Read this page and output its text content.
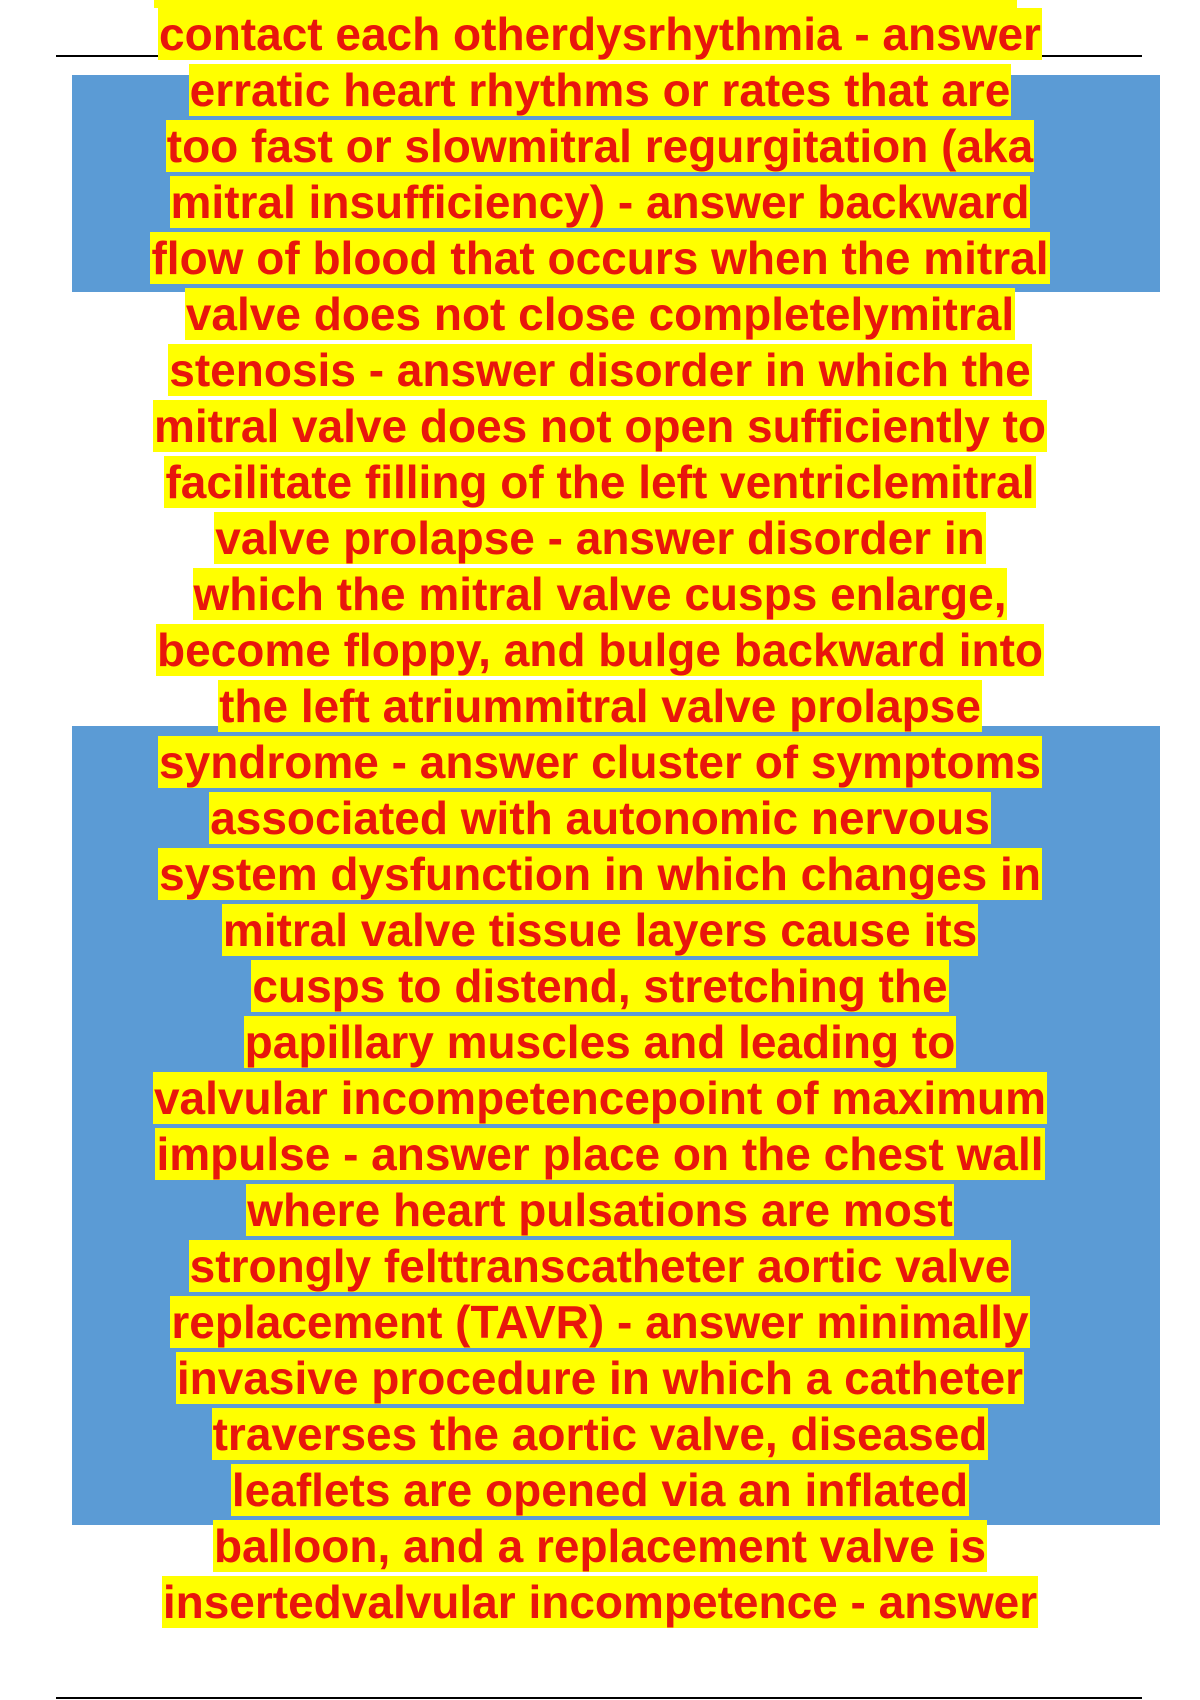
contact each otherdysrhythmia - answer
erratic heart rhythms or rates that are
too fast or slowmitral regurgitation (aka
mitral insufficiency) - answer backward
flow of blood that occurs when the mitral
valve does not close completelymitral
stenosis - answer disorder in which the
mitral valve does not open sufficiently to
facilitate filling of the left ventriclemitral
valve prolapse - answer disorder in
which the mitral valve cusps enlarge,
become floppy, and bulge backward into
the left atriummitral valve prolapse
syndrome - answer cluster of symptoms
associated with autonomic nervous
system dysfunction in which changes in
mitral valve tissue layers cause its
cusps to distend, stretching the
papillary muscles and leading to
valvular incompetencepoint of maximum
impulse - answer place on the chest wall
where heart pulsations are most
strongly felttranscatheter aortic valve
replacement (TAVR) - answer minimally
invasive procedure in which a catheter
traverses the aortic valve, diseased
leaflets are opened via an inflated
balloon, and a replacement valve is
insertedvalvular incompetence - answer
